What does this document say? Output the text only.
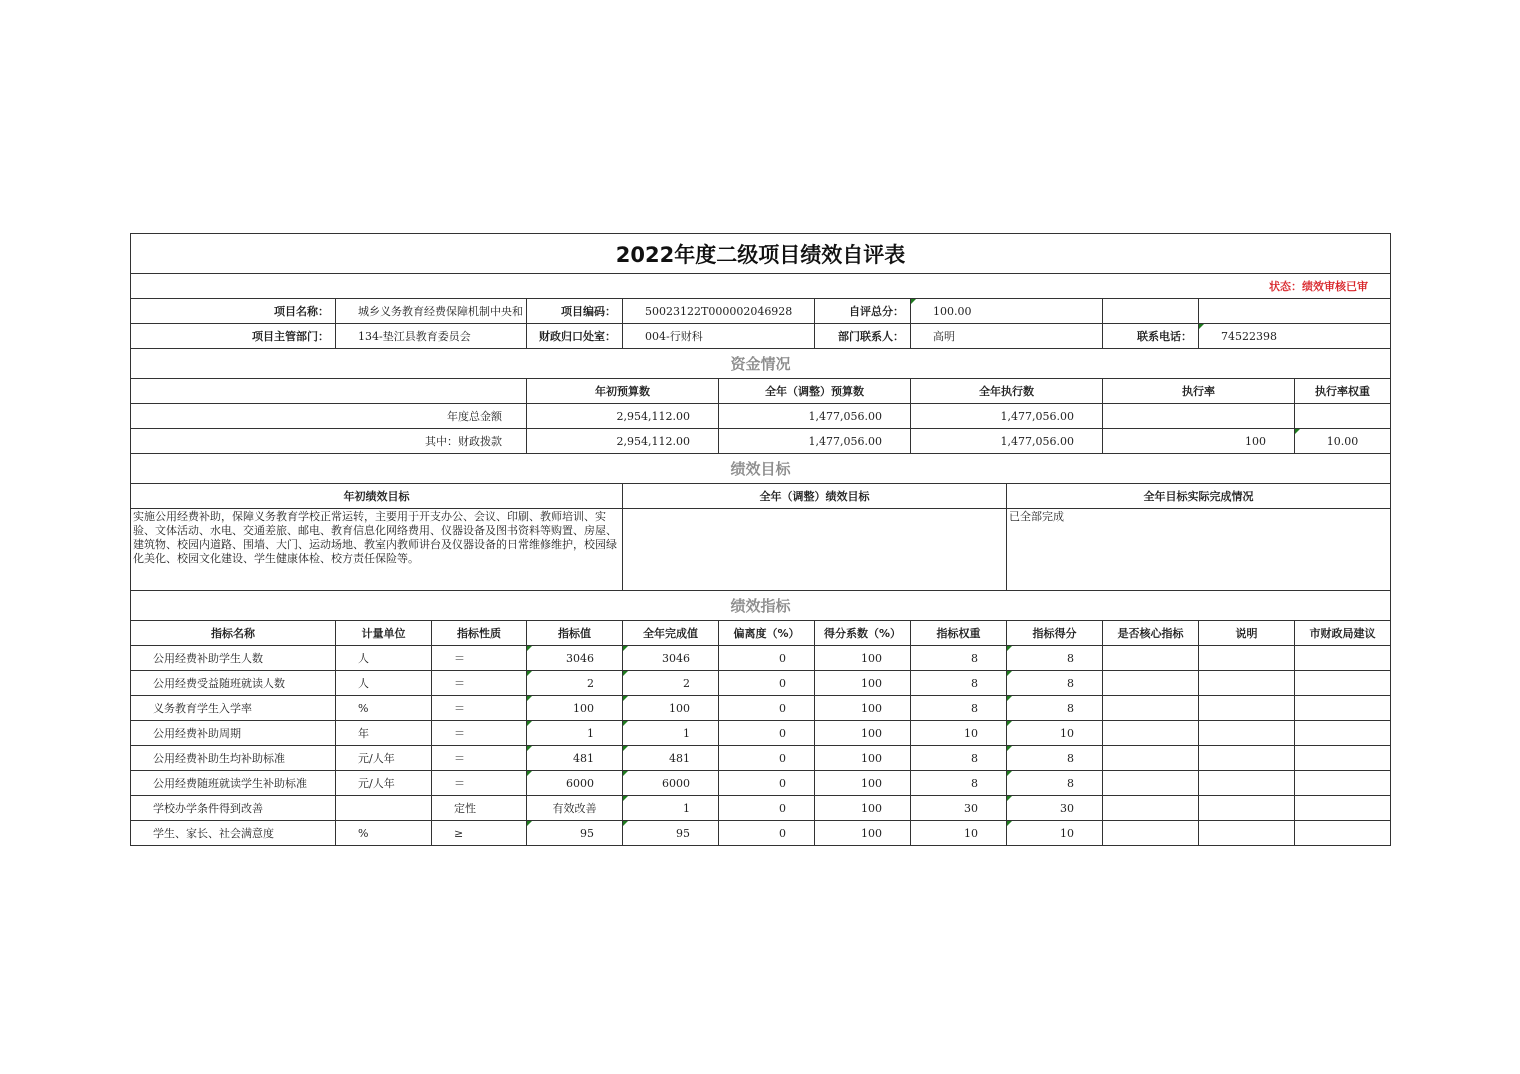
2022年度二级项目绩效自评表												
状态：绩效审核已审												
项目名称：	城乡义务教育经费保障机制中央和		项目编码：	50023122T000002046928		自评总分：	100.00					
项目主管部门：	134-垫江县教育委员会		财政归口处室：	004-行财科		部门联系人：	高明		联系电话：	74522398		
资金情况												
			年初预算数		全年（调整）预算数		全年执行数		执行率		执行率权重	
年度总金额			2,954,112.00		1,477,056.00		1,477,056.00					
其中：财政拨款			2,954,112.00		1,477,056.00		1,477,056.00		100		10.00	
绩效目标												
年初绩效目标				全年（调整）绩效目标				全年目标实际完成情况				
实施公用经费补助，保障义务教育学校正常运转，主要用于开支办公、会议、印刷、教师培训、实验、文体活动、水电、交通差旅、邮电、教育信息化网络费用、仪器设备及图书资料等购置、房屋、建筑物、校园内道路、围墙、大门、运动场地、教室内教师讲台及仪器设备的日常维修维护，校园绿化美化、校园文化建设、学生健康体检、校方责任保险等。								已全部完成				
绩效指标												
指标名称	计量单位	指标性质	指标值	全年完成值	偏离度（%）	得分系数（%）	指标权重	指标得分	是否核心指标	说明	市财政局建议	
公用经费补助学生人数	人	＝	3046	3046	0	100	8	8				
公用经费受益随班就读人数	人	＝	2	2	0	100	8	8				
义务教育学生入学率	%	＝	100	100	0	100	8	8				
公用经费补助周期	年	＝	1	1	0	100	10	10				
公用经费补助生均补助标准	元/人年	＝	481	481	0	100	8	8				
公用经费随班就读学生补助标准	元/人年	＝	6000	6000	0	100	8	8				
学校办学条件得到改善		定性	有效改善	1	0	100	30	30				
学生、家长、社会满意度	%	≥	95	95	0	100	10	10				
